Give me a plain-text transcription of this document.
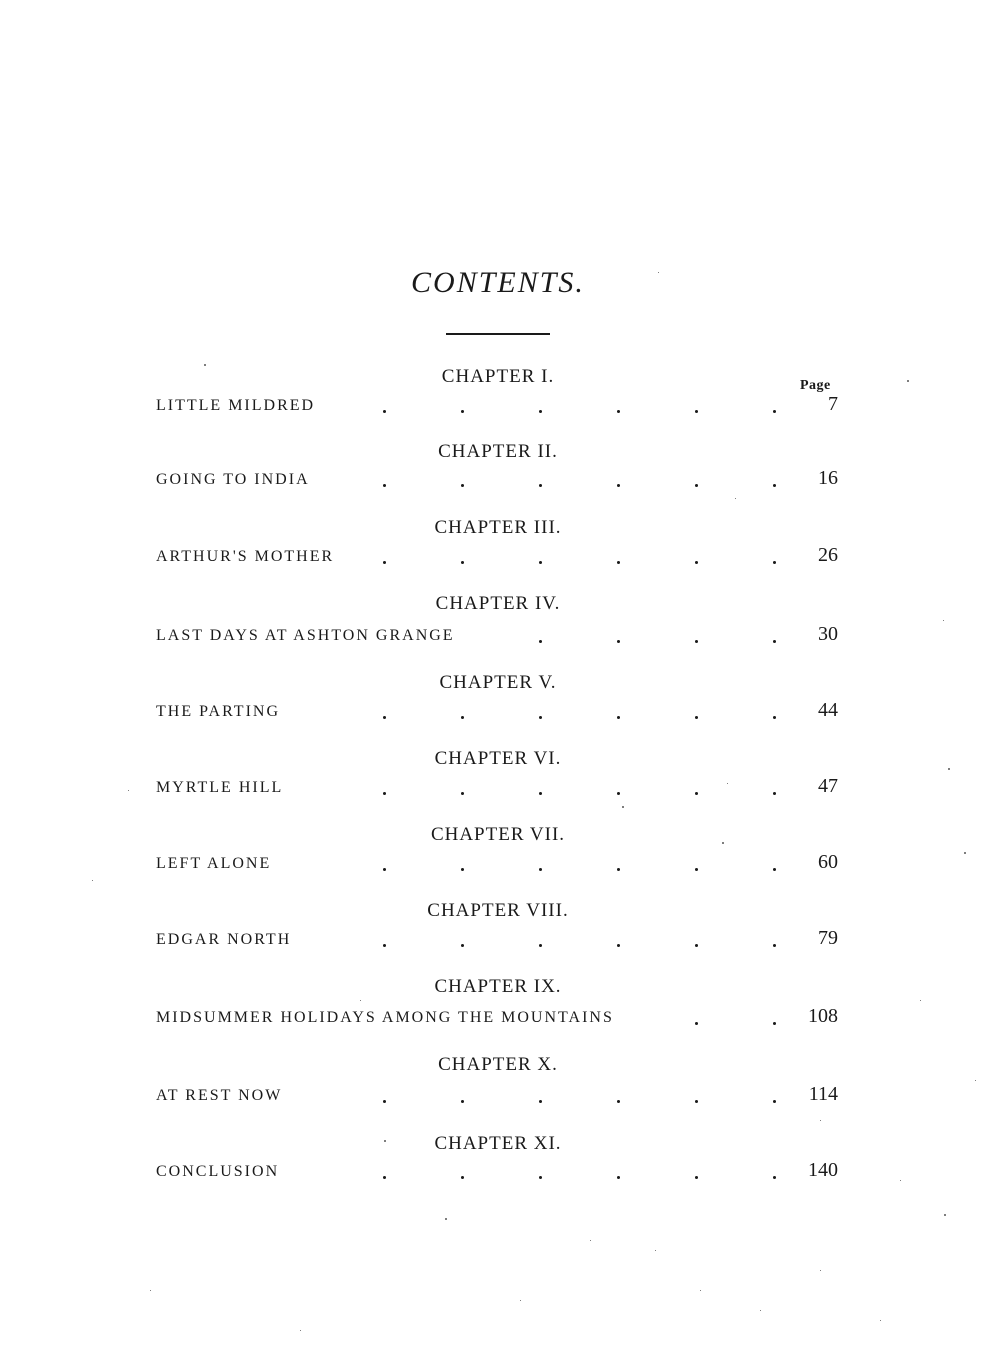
CONTENTS.
Page
CHAPTER I.
LITTLE MILDRED	7
CHAPTER II.
GOING TO INDIA	16
CHAPTER III.
ARTHUR'S MOTHER	26
CHAPTER IV.
LAST DAYS AT ASHTON GRANGE	30
CHAPTER V.
THE PARTING	44
CHAPTER VI.
MYRTLE HILL	47
CHAPTER VII.
LEFT ALONE	60
CHAPTER VIII.
EDGAR NORTH	79
CHAPTER IX.
MIDSUMMER HOLIDAYS AMONG THE MOUNTAINS	108
CHAPTER X.
AT REST NOW	114
CHAPTER XI.
CONCLUSION	140
